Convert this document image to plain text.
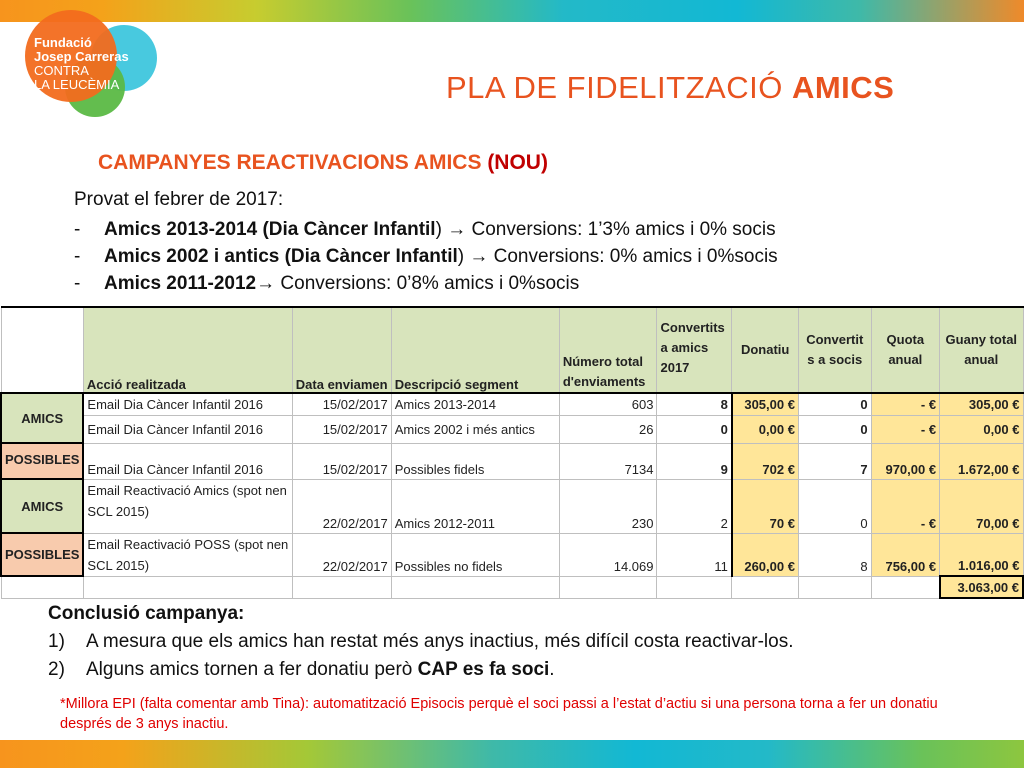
Fundació
Josep Carreras
CONTRA
LA LEUCÈMIA	PLA DE FIDELITZACIÓ AMICS
CAMPANYES REACTIVACIONS AMICS (NOU)
Provat el febrer de 2017:
- Amics 2013-2014 (Dia Càncer Infantil) → Conversions: 1’3% amics i 0% socis
- Amics 2002 i antics (Dia Càncer Infantil) → Conversions: 0% amics i 0%socis
- Amics 2011-2012→ Conversions: 0’8% amics i 0%socis
	Acció realitzada	Data enviamen	Descripció segment	Número total d'enviaments	Convertits a amics 2017	Donatiu	Convertit s a socis	Quota anual	Guany total anual
AMICS	Email Dia Càncer Infantil 2016	15/02/2017	Amics 2013-2014	603	8	305,00 €	0	- €	305,00 €
	Email Dia Càncer Infantil 2016	15/02/2017	Amics 2002 i més antics	26	0	0,00 €	0	- €	0,00 €
POSSIBLES	Email Dia Càncer Infantil 2016	15/02/2017	Possibles fidels	7134	9	702 €	7	970,00 €	1.672,00 €
AMICS	Email Reactivació Amics (spot nen SCL 2015)	22/02/2017	Amics 2012-2011	230	2	70 €	0	- €	70,00 €
POSSIBLES	Email Reactivació POSS (spot nen SCL 2015)	22/02/2017	Possibles no fidels	14.069	11	260,00 €	8	756,00 €	1.016,00 €
									3.063,00 €
Conclusió campanya:
1) A mesura que els amics han restat més anys inactius, més difícil costa reactivar-los.
2) Alguns amics tornen a fer donatiu però CAP es fa soci.
*Millora EPI (falta comentar amb Tina): automatització Episocis perquè el soci passi a l’estat d’actiu si una persona torna a fer un donatiu després de 3 anys inactiu.
